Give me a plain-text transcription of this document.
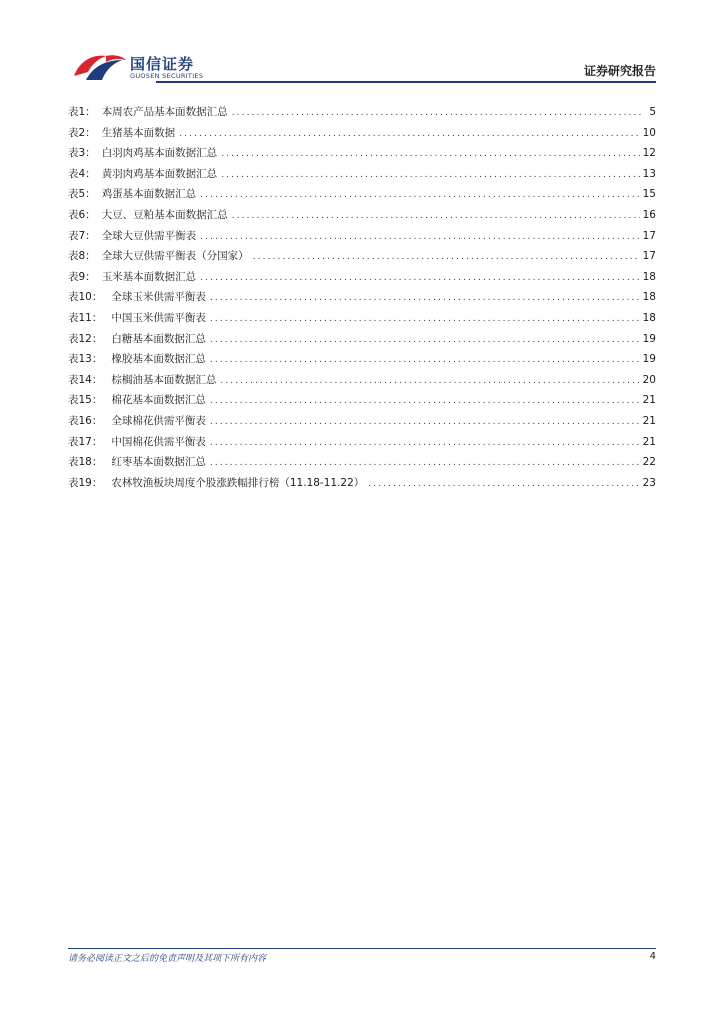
国信证券
GUOSEN SECURITIES	证券研究报告
表1： 本周农产品基本面数据汇总 .....	5
表2： 生猪基本面数据 .....	10
表3： 白羽肉鸡基本面数据汇总 .....	12
表4： 黄羽肉鸡基本面数据汇总 .....	13
表5： 鸡蛋基本面数据汇总 .....	15
表6： 大豆、豆粕基本面数据汇总 .....	16
表7： 全球大豆供需平衡表 .....	17
表8： 全球大豆供需平衡表（分国家） .....	17
表9： 玉米基本面数据汇总 .....	18
表10： 全球玉米供需平衡表 .....	18
表11： 中国玉米供需平衡表 .....	18
表12： 白糖基本面数据汇总 .....	19
表13： 橡胶基本面数据汇总 .....	19
表14： 棕榈油基本面数据汇总 .....	20
表15： 棉花基本面数据汇总 .....	21
表16： 全球棉花供需平衡表 .....	21
表17： 中国棉花供需平衡表 .....	21
表18： 红枣基本面数据汇总 .....	22
表19： 农林牧渔板块周度个股涨跌幅排行榜（11.18-11.22） .....	23
请务必阅读正文之后的免责声明及其项下所有内容	4
